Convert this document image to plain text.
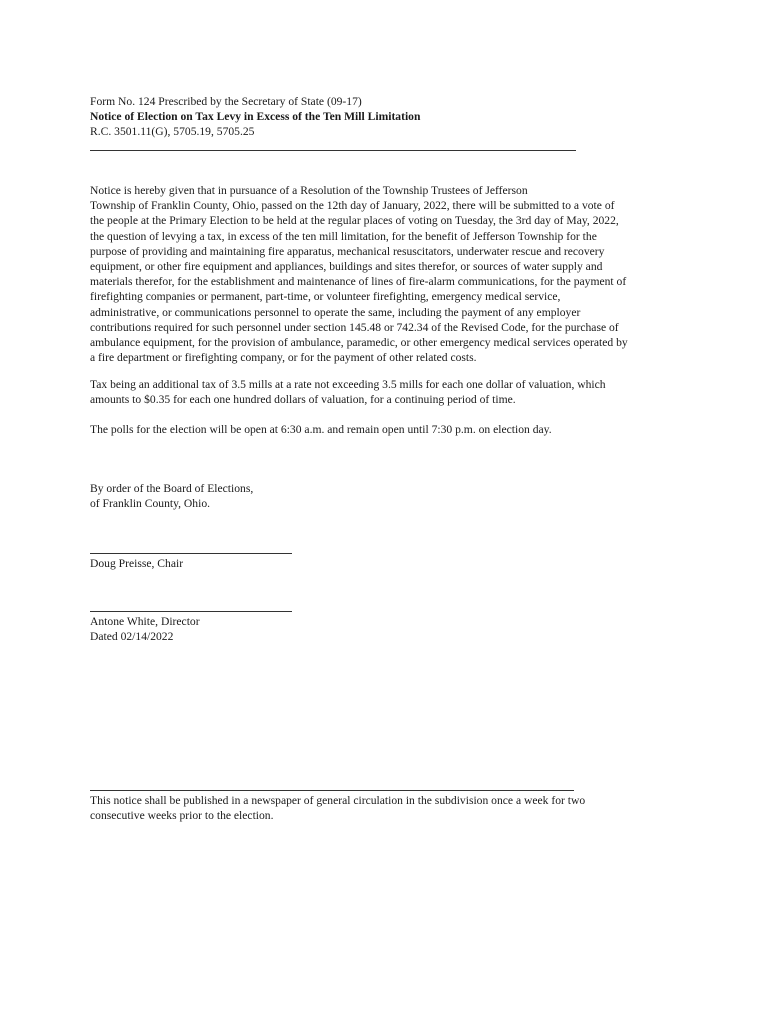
Form No. 124 Prescribed by the Secretary of State (09-17)
Notice of Election on Tax Levy in Excess of the Ten Mill Limitation
R.C. 3501.11(G), 5705.19, 5705.25
Notice is hereby given that in pursuance of a Resolution of the Township Trustees of Jefferson
Township of Franklin County, Ohio, passed on the 12th day of January, 2022, there will be submitted to a vote of
the people at the Primary Election to be held at the regular places of voting on Tuesday, the 3rd day of May, 2022,
the question of levying a tax, in excess of the ten mill limitation, for the benefit of Jefferson Township for the
purpose of providing and maintaining fire apparatus, mechanical resuscitators, underwater rescue and recovery
equipment, or other fire equipment and appliances, buildings and sites therefor, or sources of water supply and
materials therefor, for the establishment and maintenance of lines of fire-alarm communications, for the payment of
firefighting companies or permanent, part-time, or volunteer firefighting, emergency medical service,
administrative, or communications personnel to operate the same, including the payment of any employer
contributions required for such personnel under section 145.48 or 742.34 of the Revised Code, for the purchase of
ambulance equipment, for the provision of ambulance, paramedic, or other emergency medical services operated by
a fire department or firefighting company, or for the payment of other related costs.
Tax being an additional tax of 3.5 mills at a rate not exceeding 3.5 mills for each one dollar of valuation, which
amounts to $0.35 for each one hundred dollars of valuation, for a continuing period of time.
The polls for the election will be open at 6:30 a.m. and remain open until 7:30 p.m. on election day.
By order of the Board of Elections,
of Franklin County, Ohio.
Doug Preisse, Chair
Antone White, Director
Dated 02/14/2022
This notice shall be published in a newspaper of general circulation in the subdivision once a week for two
consecutive weeks prior to the election.
